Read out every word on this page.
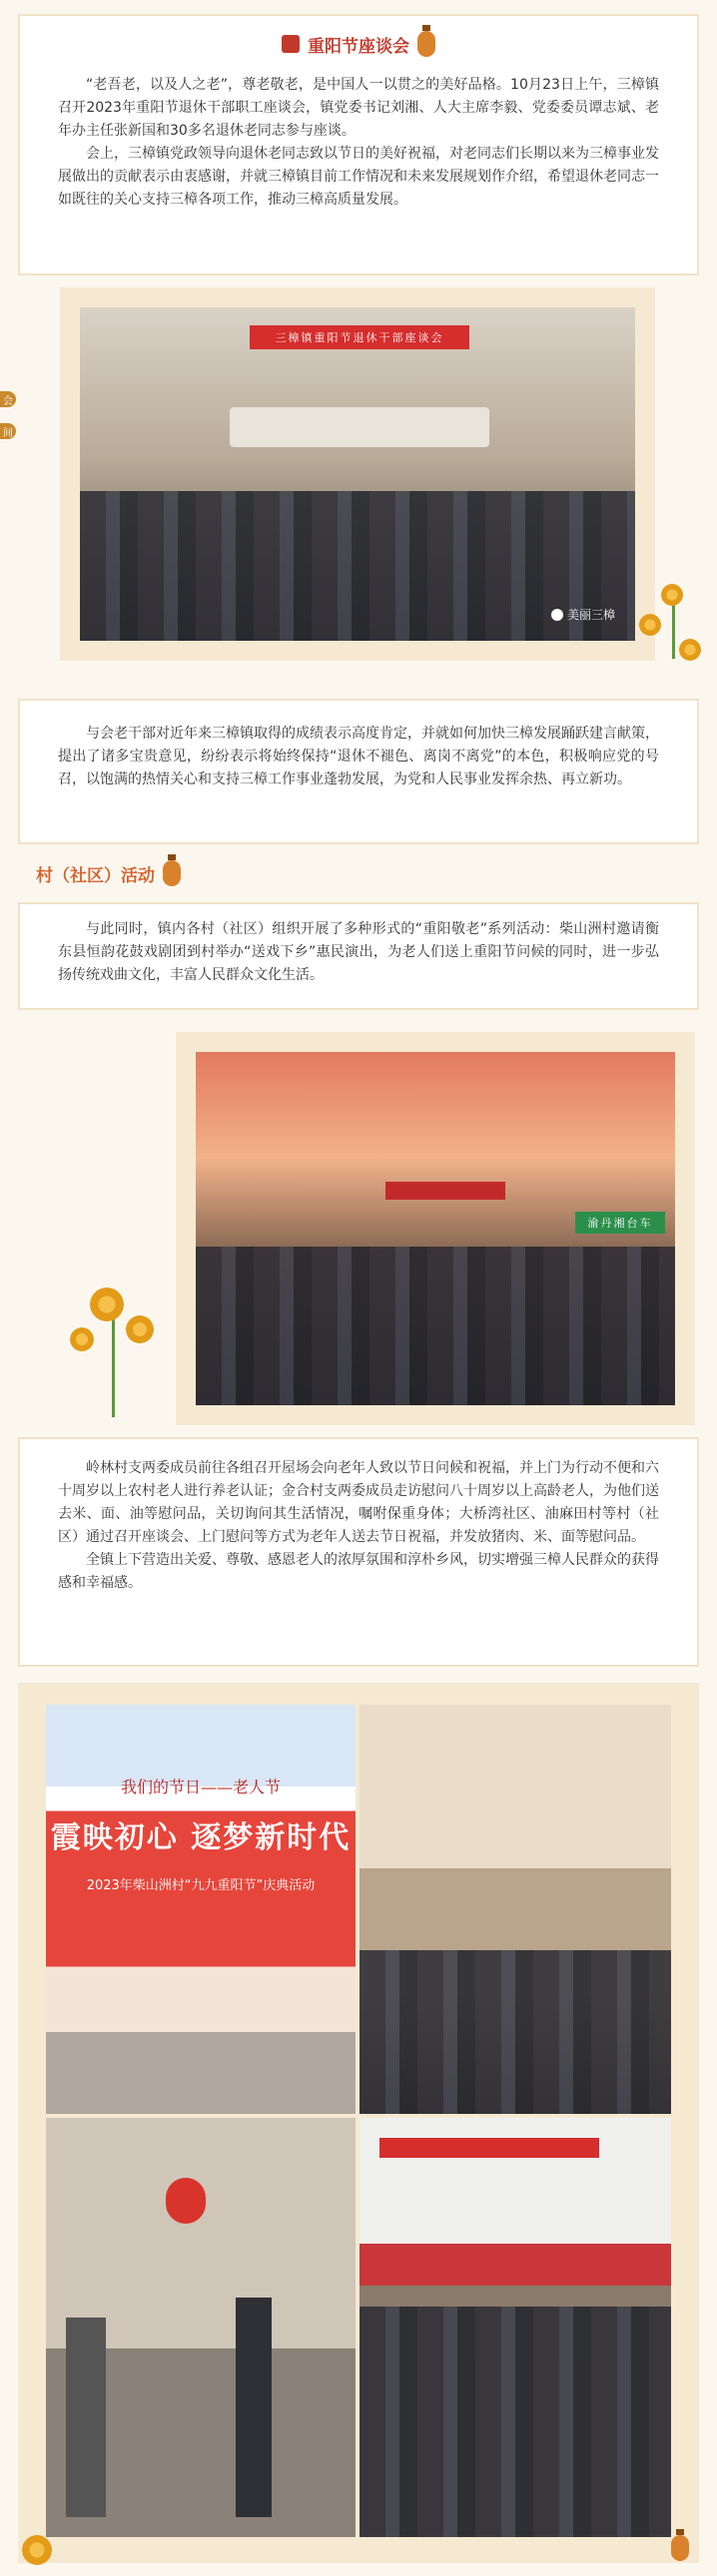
重阳节座谈会

“老吾老，以及人之老”，尊老敬老，是中国人一以贯之的美好品格。10月23日上午，三樟镇召开2023年重阳节退休干部职工座谈会，镇党委书记刘湘、人大主席李毅、党委委员谭志斌、老年办主任张新国和30多名退休老同志参与座谈。

会上，三樟镇党政领导向退休老同志致以节日的美好祝福，对老同志们长期以来为三樟事业发展做出的贡献表示由衷感谢，并就三樟镇目前工作情况和未来发展规划作介绍，希望退休老同志一如既往的关心支持三樟各项工作，推动三樟高质量发展。

会
间
三樟镇重阳节退休干部座谈会
美丽三樟

与会老干部对近年来三樟镇取得的成绩表示高度肯定，并就如何加快三樟发展踊跃建言献策，提出了诸多宝贵意见，纷纷表示将始终保持“退休不褪色、离岗不离党”的本色，积极响应党的号召，以饱满的热情关心和支持三樟工作事业蓬勃发展，为党和人民事业发挥余热、再立新功。

村（社区）活动

与此同时，镇内各村（社区）组织开展了多种形式的“重阳敬老”系列活动：柴山洲村邀请衡东县恒韵花鼓戏剧团到村举办“送戏下乡”惠民演出，为老人们送上重阳节问候的同时，进一步弘扬传统戏曲文化，丰富人民群众文化生活。

渝丹湘台车

岭林村支两委成员前往各组召开屋场会向老年人致以节日问候和祝福，并上门为行动不便和六十周岁以上农村老人进行养老认证；金合村支两委成员走访慰问八十周岁以上高龄老人，为他们送去米、面、油等慰问品，关切询问其生活情况，嘱咐保重身体；大桥湾社区、油麻田村等村（社区）通过召开座谈会、上门慰问等方式为老年人送去节日祝福，并发放猪肉、米、面等慰问品。

全镇上下营造出关爱、尊敬、感恩老人的浓厚氛围和淳朴乡风，切实增强三樟人民群众的获得感和幸福感。

我们的节日——老人节
霞映初心 逐梦新时代
2023年柴山洲村“九九重阳节”庆典活动
